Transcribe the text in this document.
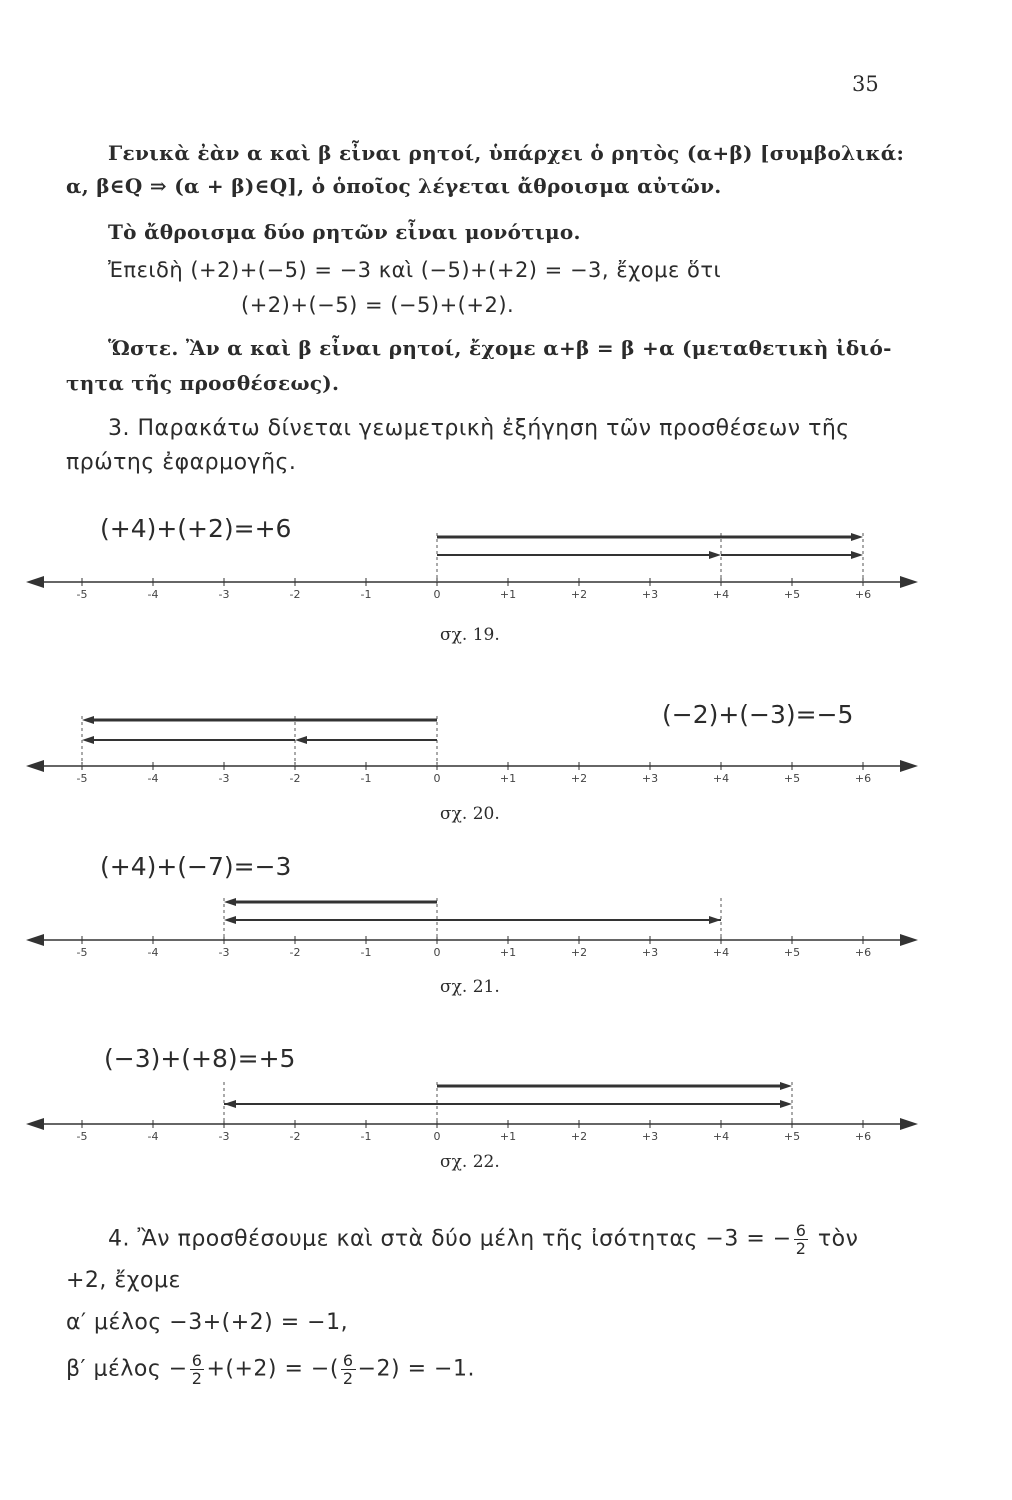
35
Γενικὰ ἐὰν α καὶ β εἶναι ρητοί, ὑπάρχει ὁ ρητὸς (α+β) [συμβολικά:
α, β∈Q ⇒ (α + β)∈Q], ὁ ὁποῖος λέγεται ἄθροισμα αὐτῶν.
Τὸ ἄθροισμα δύο ρητῶν εἶναι μονότιμο.
Ἐπειδὴ (+2)+(−5) = −3 καὶ (−5)+(+2) = −3, ἔχομε ὅτι
(+2)+(−5) = (−5)+(+2).
Ὥστε. Ἂν α καὶ β εἶναι ρητοί, ἔχομε α+β = β +α (μεταθετικὴ ἰδιό-
τητα τῆς προσθέσεως).
3. Παρακάτω δίνεται γεωμετρικὴ ἐξήγηση τῶν προσθέσεων τῆς
πρώτης ἐφαρμογῆς.
(+4)+(+2)=+6
-5	-4	-3	-2	-1	0	+1	+2	+3	+4	+5	+6
σχ. 19.
(−2)+(−3)=−5
-5	-4	-3	-2	-1	0	+1	+2	+3	+4	+5	+6
σχ. 20.
(+4)+(−7)=−3
-5	-4	-3	-2	-1	0	+1	+2	+3	+4	+5	+6
σχ. 21.
(−3)+(+8)=+5
-5	-4	-3	-2	-1	0	+1	+2	+3	+4	+5	+6
σχ. 22.
4. Ἂν προσθέσουμε καὶ στὰ δύο μέλη τῆς ἰσότητας −3 = − $\frac{6}{2}$ τὸν
+2, ἔχομε
α′ μέλος −3+(+2) = −1,
β′ $\mu έ\lambda o\varsigma - \frac{6}{2} +(+2)$ = −( $\frac{6}{2} -2) = -1$.
